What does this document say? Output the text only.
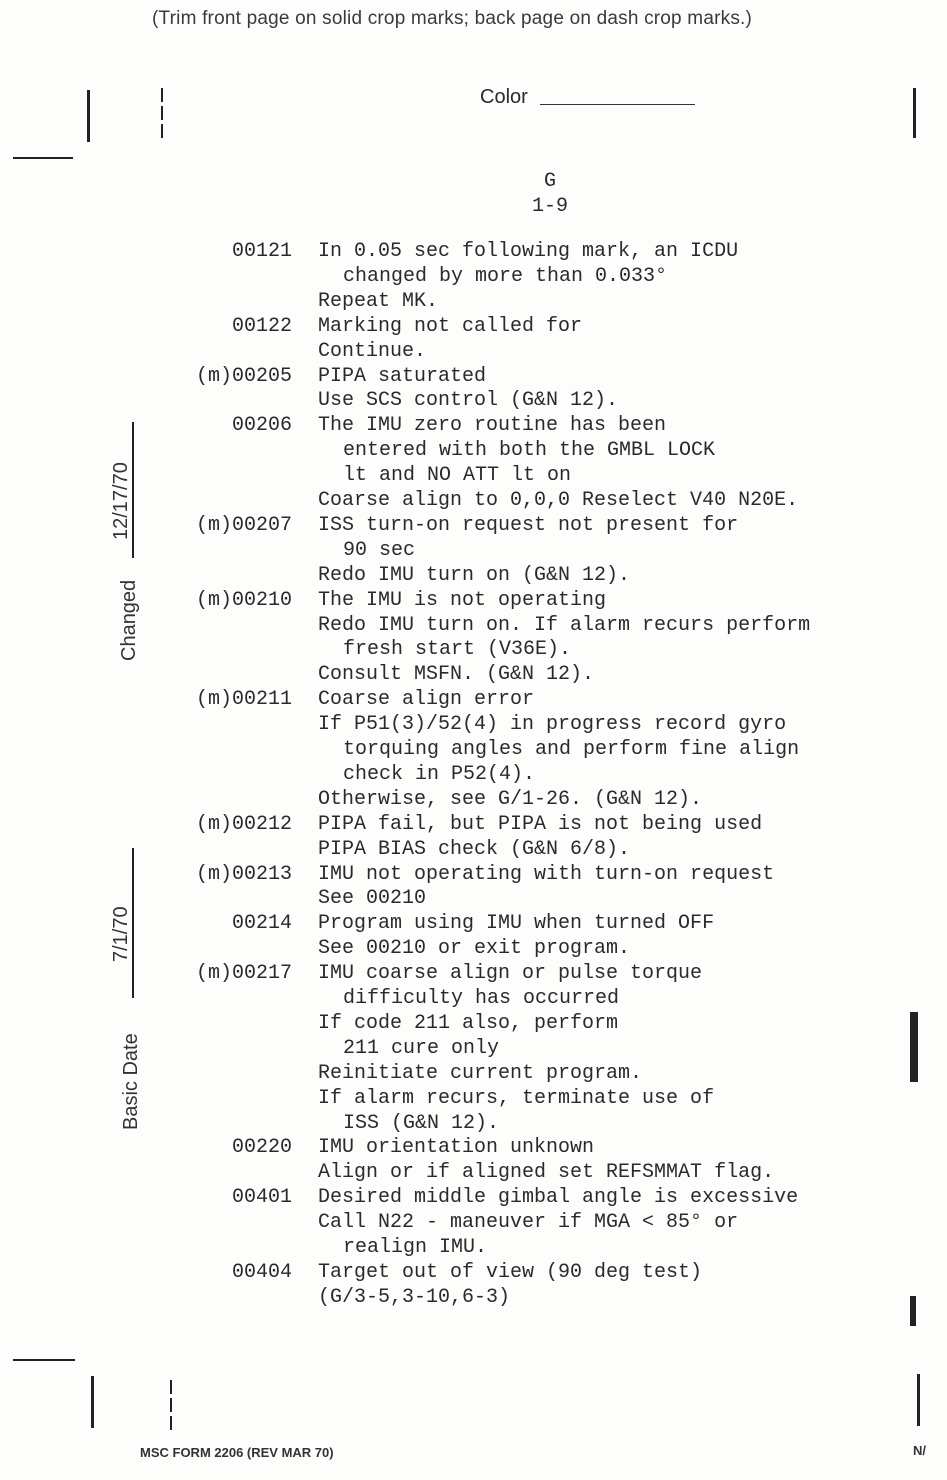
(Trim front page on solid crop marks; back page on dash crop marks.)
Color
G
1-9
00121 In 0.05 sec following mark, an ICDU
changed by more than 0.033°
Repeat MK.
00122 Marking not called for
Continue.
(m)00205 PIPA saturated
Use SCS control (G&N 12).
00206 The IMU zero routine has been
entered with both the GMBL LOCK
lt and NO ATT lt on
Coarse align to 0,0,0 Reselect V40 N20E.
(m)00207 ISS turn-on request not present for
90 sec
Redo IMU turn on (G&N 12).
(m)00210 The IMU is not operating
Redo IMU turn on. If alarm recurs perform
fresh start (V36E).
Consult MSFN. (G&N 12).
(m)00211 Coarse align error
If P51(3)/52(4) in progress record gyro
torquing angles and perform fine align
check in P52(4).
Otherwise, see G/1-26. (G&N 12).
(m)00212 PIPA fail, but PIPA is not being used
PIPA BIAS check (G&N 6/8).
(m)00213 IMU not operating with turn-on request
See 00210
00214 Program using IMU when turned OFF
See 00210 or exit program.
(m)00217 IMU coarse align or pulse torque
difficulty has occurred
If code 211 also, perform
211 cure only
Reinitiate current program.
If alarm recurs, terminate use of
ISS (G&N 12).
00220 IMU orientation unknown
Align or if aligned set REFSMMAT flag.
00401 Desired middle gimbal angle is excessive
Call N22 - maneuver if MGA < 85° or
realign IMU.
00404 Target out of view (90 deg test)
(G/3-5,3-10,6-3)
Changed
12/17/70
Basic Date
7/1/70
MSC FORM 2206 (REV MAR 70)	N/
